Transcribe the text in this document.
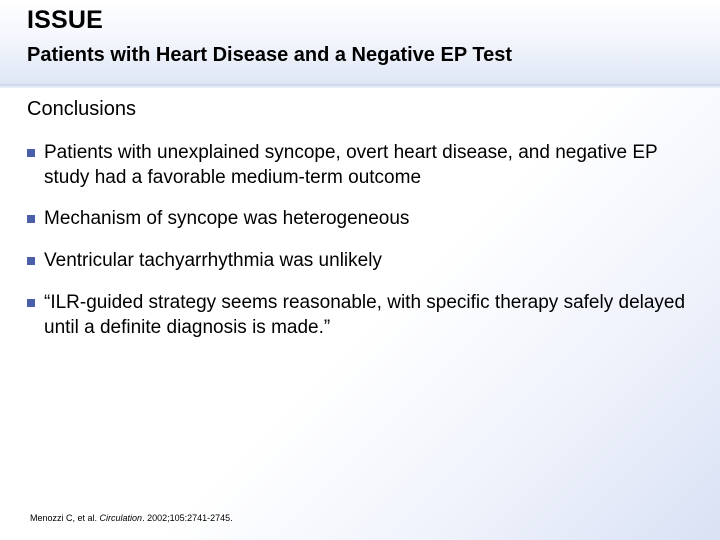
ISSUE
Patients with Heart Disease and a Negative EP Test
Conclusions
Patients with unexplained syncope, overt heart disease, and negative EP study had a favorable medium-term outcome
Mechanism of syncope was heterogeneous
Ventricular tachyarrhythmia was unlikely
“ILR-guided strategy seems reasonable, with specific therapy safely delayed until a definite diagnosis is made.”
Menozzi C, et al. Circulation. 2002;105:2741-2745.
